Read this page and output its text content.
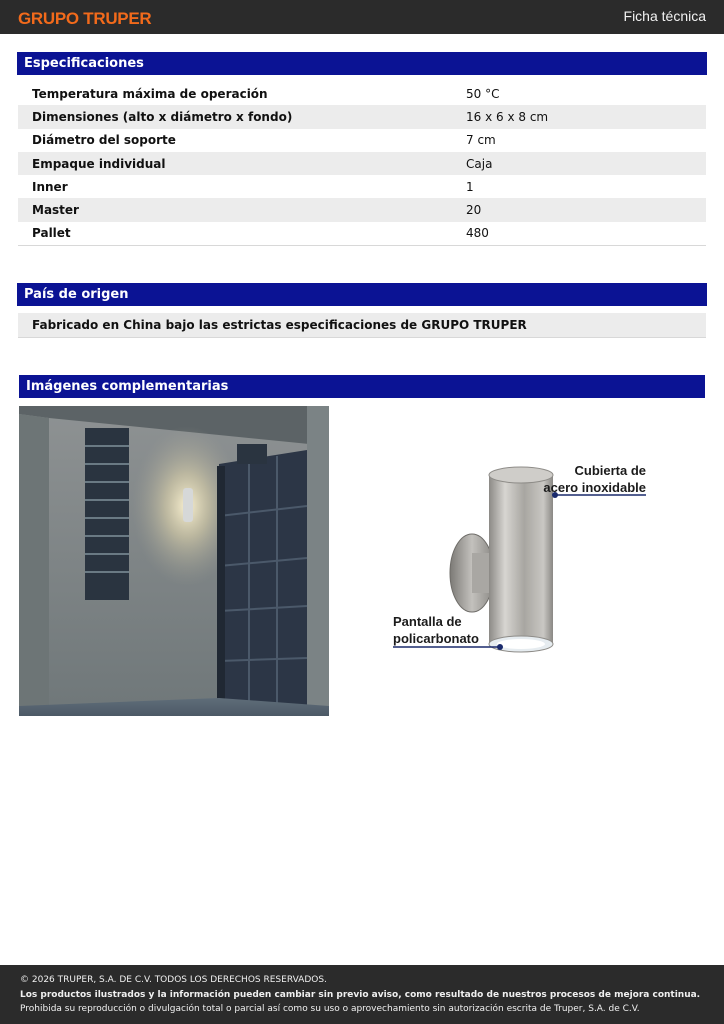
GRUPO TRUPER	Ficha técnica
Especificaciones
Temperatura máxima de operación	50 °C
Dimensiones (alto x diámetro x fondo)	16 x 6 x 8 cm
Diámetro del soporte	7 cm
Empaque individual	Caja
Inner	1
Master	20
Pallet	480
País de origen
Fabricado en China bajo las estrictas especificaciones de GRUPO TRUPER
Imágenes complementarias
Cubierta de
acero inoxidable
Pantalla de
policarbonato
© 2026 TRUPER, S.A. DE C.V. TODOS LOS DERECHOS RESERVADOS.
Los productos ilustrados y la información pueden cambiar sin previo aviso, como resultado de nuestros procesos de mejora continua.
Prohibida su reproducción o divulgación total o parcial así como su uso o aprovechamiento sin autorización escrita de Truper, S.A. de C.V.
